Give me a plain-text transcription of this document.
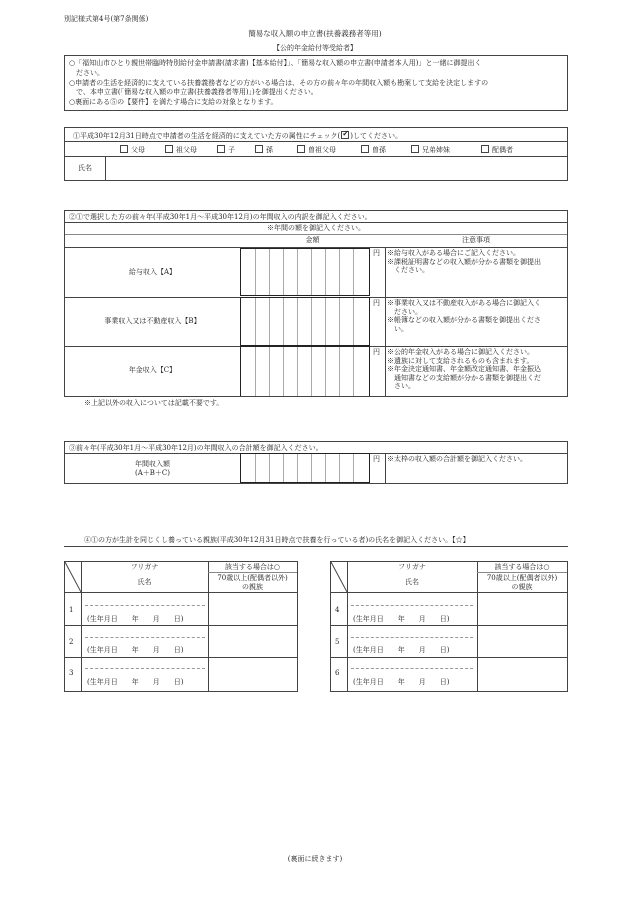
別記様式第4号(第7条関係)
簡易な収入額の申立書(扶養義務者等用)
【公的年金給付等受給者】
○「福知山市ひとり親世帯臨時特別給付金申請書(請求書)【基本給付】」、「簡易な収入額の申立書(申請者本人用)」と一緒に御提出く
　ださい。
○申請者の生活を経済的に支えている扶養義務者などの方がいる場合は、その方の前々年の年間収入額も勘案して支給を決定しますの
　で、本申立書(「簡易な収入額の申立書(扶養義務者等用)」)を御提出ください。
○裏面にある⑤の【要件】を満たす場合に支給の対象となります。
①平成30年12月31日時点で申請者の生活を経済的に支えていた方の属性にチェック(✓ )してください。
父母	祖父母	子	孫	曽祖父母	曽孫	兄弟姉妹	配偶者
氏名
②①で選択した方の前々年(平成30年1月～平成30年12月)の年間収入の内訳を御記入ください。
※年間の額を御記入ください。
金額	注意事項
給与収入【A】
円 ※給与収入がある場合にご記入ください。
※課税証明書などの収入額が分かる書類を御提出
　ください。
事業収入又は不動産収入【B】
円 ※事業収入又は不動産収入がある場合に御記入く
　ださい。
※帳簿などの収入額が分かる書類を御提出くださ
　い。
年金収入【C】
円 ※公的年金収入がある場合に御記入ください。
※遺族に対して支給されるものも含まれます。
※年金決定通知書、年金額改定通知書、年金振込
　通知書などの支給額が分かる書類を御提出くだ
　さい。
※上記以外の収入については記載不要です。
③前々年(平成30年1月～平成30年12月)の年間収入の合計額を御記入ください。
年間収入額
(A＋B＋C)
円 ※太枠の収入額の合計額を御記入ください。
④①の方が生計を同じくし養っている親族(平成30年12月31日時点で扶養を行っている者)の氏名を御記入ください。【☆】
フリガナ
氏名
該当する場合は○
70歳以上(配偶者以外)
の親族
1
(生年月日　　年　　月　　日)
2
(生年月日　　年　　月　　日)
3
(生年月日　　年　　月　　日)
フリガナ
氏名
該当する場合は○
70歳以上(配偶者以外)
の親族
4
(生年月日　　年　　月　　日)
5
(生年月日　　年　　月　　日)
6
(生年月日　　年　　月　　日)
(裏面に続きます)
